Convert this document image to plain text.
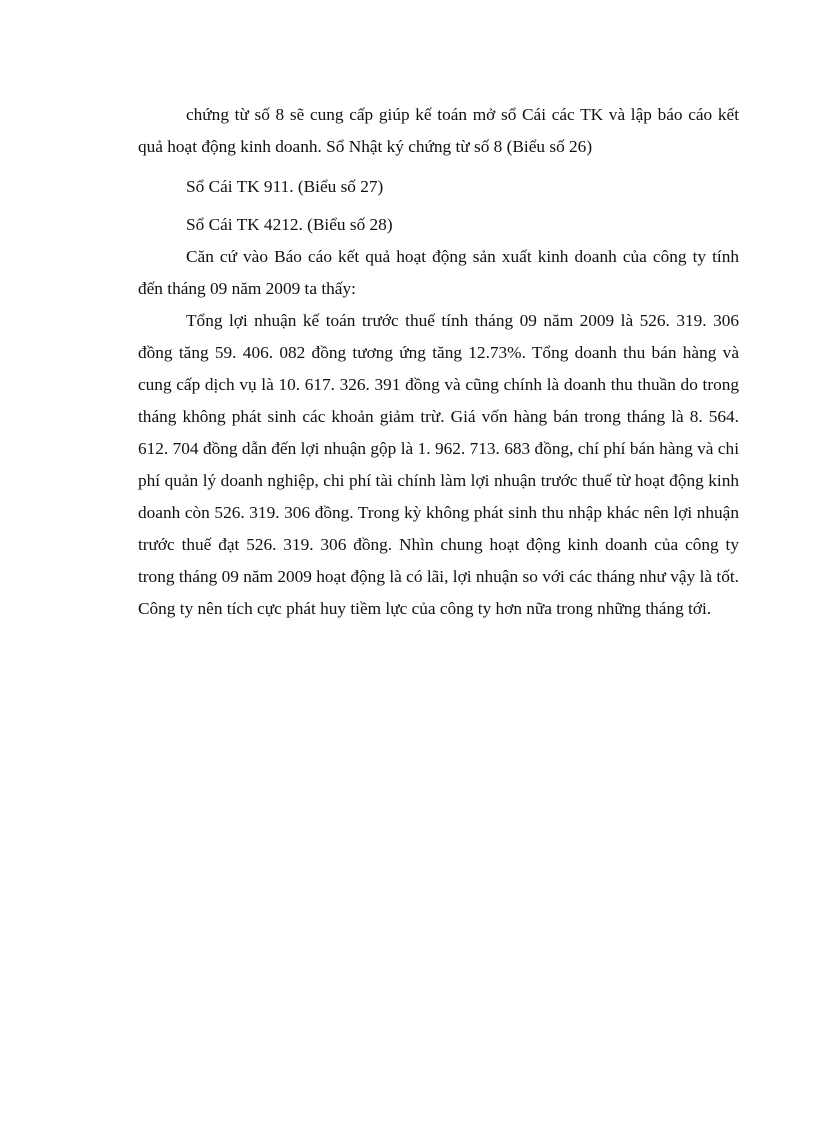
chứng từ số 8 sẽ cung cấp giúp kế toán mở sổ Cái các TK và lập báo cáo kết quả hoạt động kinh doanh. Sổ Nhật ký chứng từ số 8 (Biểu số 26)

Sổ Cái TK 911. (Biểu số 27)

Sổ Cái TK 4212. (Biểu số 28)

Căn cứ vào Báo cáo kết quả hoạt động sản xuất kinh doanh của công ty tính đến tháng 09 năm 2009 ta thấy:

Tổng lợi nhuận kế toán trước thuế tính tháng 09 năm 2009 là 526. 319. 306 đồng tăng 59. 406. 082 đồng tương ứng tăng 12.73%. Tổng doanh thu bán hàng và cung cấp dịch vụ là 10. 617. 326. 391 đồng và cũng chính là doanh thu thuần do trong tháng không phát sinh các khoản giảm trừ. Giá vốn hàng bán trong tháng là 8. 564. 612. 704 đồng dẫn đến lợi nhuận gộp là 1. 962. 713. 683 đồng, chí phí bán hàng và chi phí quản lý doanh nghiệp, chi phí tài chính làm lợi nhuận trước thuế từ hoạt động kinh doanh còn 526. 319. 306 đồng. Trong kỳ không phát sinh thu nhập khác nên lợi nhuận trước thuế đạt 526. 319. 306 đồng. Nhìn chung hoạt động kinh doanh của công ty trong tháng 09 năm 2009 hoạt động là có lãi, lợi nhuận so với các tháng như vậy là tốt. Công ty nên tích cực phát huy tiềm lực của công ty hơn nữa trong những tháng tới.
